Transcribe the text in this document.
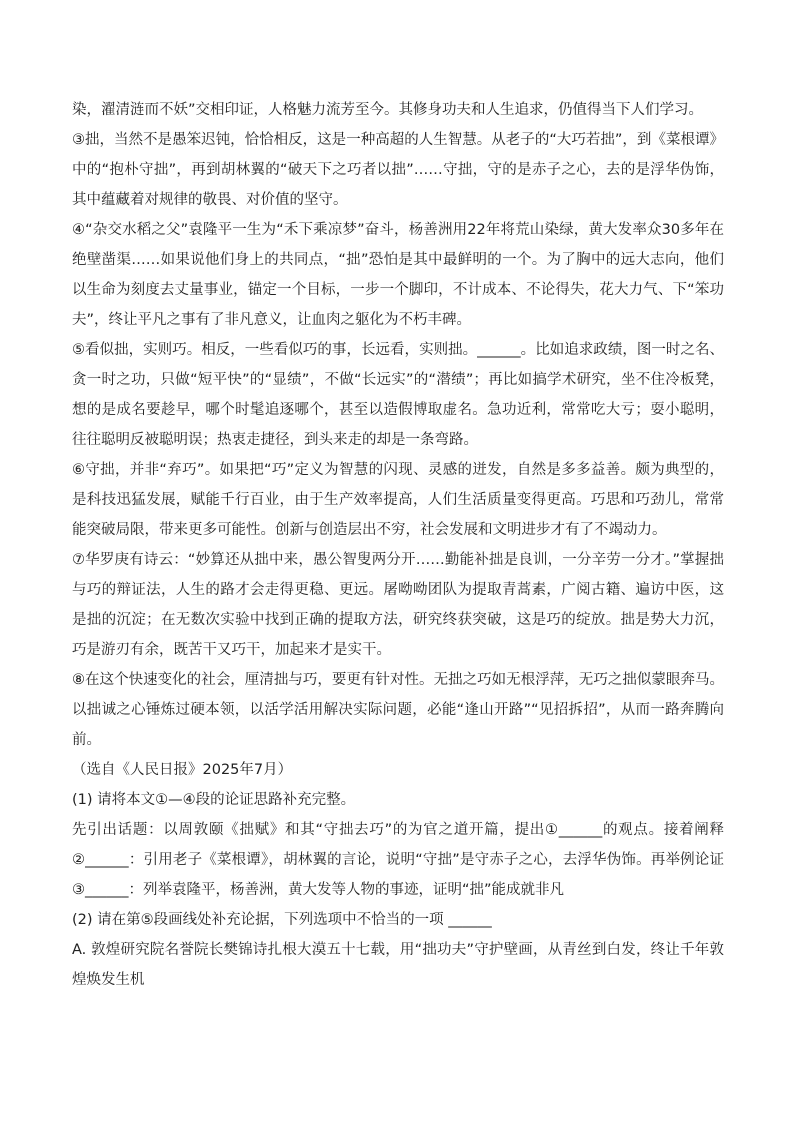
染，濯清涟而不妖”交相印证，人格魅力流芳至今。其修身功夫和人生追求，仍值得当下人们学习。

③拙，当然不是愚笨迟钝，恰恰相反，这是一种高超的人生智慧。从老子的“大巧若拙”，到《菜根谭》中的“抱朴守拙”，再到胡林翼的“破天下之巧者以拙”……守拙，守的是赤子之心，去的是浮华伪饰，其中蕴藏着对规律的敬畏、对价值的坚守。

④“杂交水稻之父”袁隆平一生为“禾下乘凉梦”奋斗，杨善洲用22年将荒山染绿，黄大发率众30多年在绝壁凿渠……如果说他们身上的共同点，“拙”恐怕是其中最鲜明的一个。为了胸中的远大志向，他们以生命为刻度去丈量事业，锚定一个目标，一步一个脚印，不计成本、不论得失，花大力气、下“笨功夫”，终让平凡之事有了非凡意义，让血肉之躯化为不朽丰碑。

⑤看似拙，实则巧。相反，一些看似巧的事，长远看，实则拙。______。比如追求政绩，图一时之名、贪一时之功，只做“短平快”的“显绩”，不做“长远实”的“潜绩”；再比如搞学术研究，坐不住冷板凳，想的是成名要趁早，哪个时髦追逐哪个，甚至以造假博取虚名。急功近利，常常吃大亏；耍小聪明，往往聪明反被聪明误；热衷走捷径，到头来走的却是一条弯路。

⑥守拙，并非“弃巧”。如果把“巧”定义为智慧的闪现、灵感的迸发，自然是多多益善。颇为典型的，是科技迅猛发展，赋能千行百业，由于生产效率提高，人们生活质量变得更高。巧思和巧劲儿，常常能突破局限，带来更多可能性。创新与创造层出不穷，社会发展和文明进步才有了不竭动力。

⑦华罗庚有诗云：“妙算还从拙中来，愚公智叟两分开……勤能补拙是良训，一分辛劳一分才。”掌握拙与巧的辩证法，人生的路才会走得更稳、更远。屠呦呦团队为提取青蒿素，广阅古籍、遍访中医，这是拙的沉淀；在无数次实验中找到正确的提取方法，研究终获突破，这是巧的绽放。拙是势大力沉，巧是游刃有余，既苦干又巧干，加起来才是实干。

⑧在这个快速变化的社会，厘清拙与巧，要更有针对性。无拙之巧如无根浮萍，无巧之拙似蒙眼奔马。以拙诚之心锤炼过硬本领，以活学活用解决实际问题，必能“逢山开路”“见招拆招”，从而一路奔腾向前。

（选自《人民日报》2025年7月）

(1) 请将本文①—④段的论证思路补充完整。

先引出话题：以周敦颐《拙赋》和其“守拙去巧”的为官之道开篇，提出①______的观点。接着阐释②______：引用老子《菜根谭》，胡林翼的言论，说明“守拙”是守赤子之心，去浮华伪饰。再举例论证③______：列举袁隆平，杨善洲，黄大发等人物的事迹，证明“拙”能成就非凡

(2) 请在第⑤段画线处补充论据，下列选项中不恰当的一项 ______

A. 敦煌研究院名誉院长樊锦诗扎根大漠五十七载，用“拙功夫”守护壁画，从青丝到白发，终让千年敦煌焕发生机
